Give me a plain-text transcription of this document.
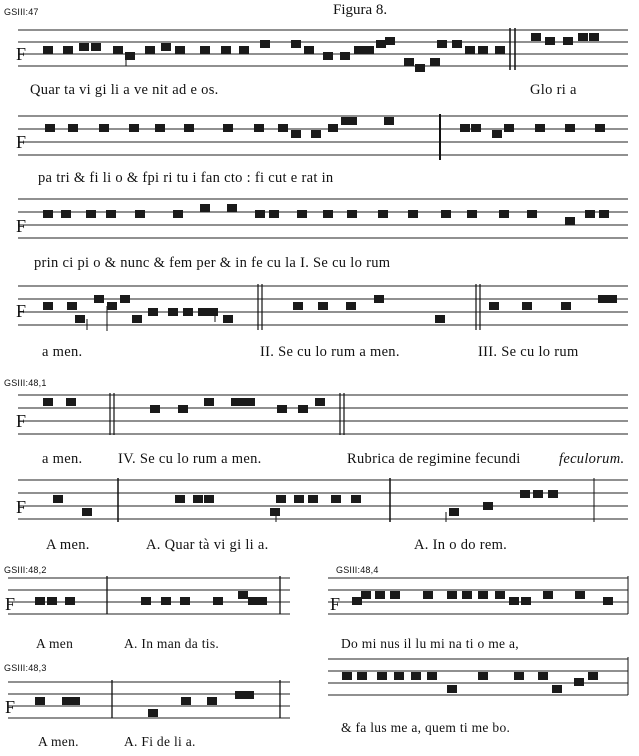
Figura 8.
GSIII:47
GSIII:48,1
GSIII:48,2
GSIII:48,3
GSIII:48,4
F
F
F
F
F
F
F
F
F
Quar ta vi gi li a ve nit ad e os.	Glo ri a
pa tri & fi li o & fpi ri tu i fan cto : fi cut e rat in
prin ci pi o & nunc & fem per & in fe cu la I. Se cu lo rum
a men.	II. Se cu lo rum a men.	III. Se cu lo rum
a men. IV. Se cu lo rum a men.	Rubrica de regimine fecundi	feculorum.
A men.	A. Quar tà vi gi li a.	A. In o do rem.
A men	A. In man da tis.
A men.	A. Fi de li a.
Do mi nus il lu mi na ti o me a,
& fa lus me a, quem ti me bo.
